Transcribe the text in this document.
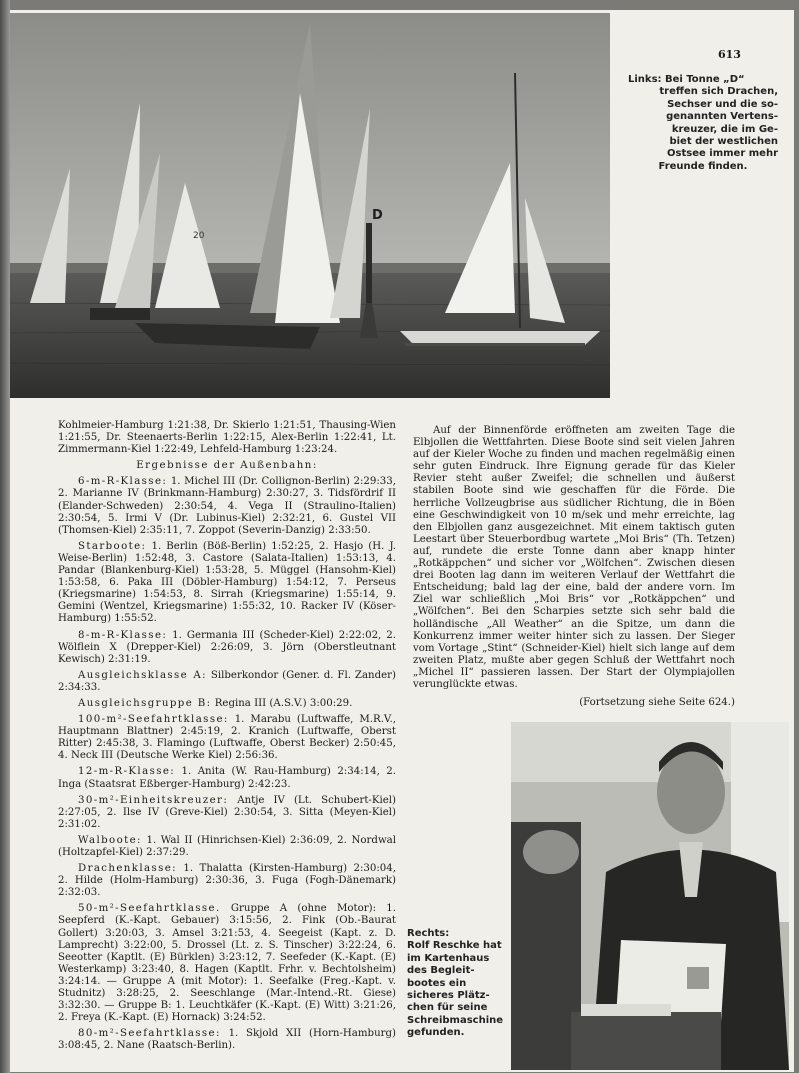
20
D
613
Links: Bei Tonne „D“
treffen sich Drachen,
Sechser und die so-
genannten Vertens-
kreuzer, die im Ge-
biet der westlichen
Ostsee immer mehr
Freunde finden.

Kohlmeier-Hamburg 1:21:38, Dr. Skierlo 1:21:51, Thausing-Wien 1:21:55, Dr. Steenaerts-Berlin 1:22:15, Alex-Berlin 1:22:41, Lt. Zimmermann-Kiel 1:22:49, Lehfeld-Hamburg 1:23:24.

Ergebnisse der Außenbahn:

6-m-R-Klasse: 1. Michel III (Dr. Collignon-Berlin) 2:29:33, 2. Marianne IV (Brinkmann-Hamburg) 2:30:27, 3. Tidsfördrif II (Elander-Schweden) 2:30:54, 4. Vega II (Straulino-Italien) 2:30:54, 5. Irmi V (Dr. Lubinus-Kiel) 2:32:21, 6. Gustel VII (Thomsen-Kiel) 2:35:11, 7. Zoppot (Severin-Danzig) 2:33:50.

Starboote: 1. Berlin (Böß-Berlin) 1:52:25, 2. Hasjo (H. J. Weise-Berlin) 1:52:48, 3. Castore (Salata-Italien) 1:53:13, 4. Pandar (Blankenburg-Kiel) 1:53:28, 5. Müggel (Hansohm-Kiel) 1:53:58, 6. Paka III (Döbler-Hamburg) 1:54:12, 7. Perseus (Kriegsmarine) 1:54:53, 8. Sirrah (Kriegsmarine) 1:55:14, 9. Gemini (Wentzel, Kriegsmarine) 1:55:32, 10. Racker IV (Köser-Hamburg) 1:55:52.

8-m-R-Klasse: 1. Germania III (Scheder-Kiel) 2:22:02, 2. Wölflein X (Drepper-Kiel) 2:26:09, 3. Jörn (Oberstleutnant Kewisch) 2:31:19.

Ausgleichsklasse A: Silberkondor (Gener. d. Fl. Zander) 2:34:33.

Ausgleichsgruppe B: Regina III (A.S.V.) 3:00:29.

100-m²-Seefahrtklasse: 1. Marabu (Luftwaffe, M.R.V., Hauptmann Blattner) 2:45:19, 2. Kranich (Luftwaffe, Oberst Ritter) 2:45:38, 3. Flamingo (Luftwaffe, Oberst Becker) 2:50:45, 4. Neck III (Deutsche Werke Kiel) 2:56:36.

12-m-R-Klasse: 1. Anita (W. Rau-Hamburg) 2:34:14, 2. Inga (Staatsrat Eßberger-Hamburg) 2:42:23.

30-m²-Einheitskreuzer: Antje IV (Lt. Schubert-Kiel) 2:27:05, 2. Ilse IV (Greve-Kiel) 2:30:54, 3. Sitta (Meyen-Kiel) 2:31:02.

Walboote: 1. Wal II (Hinrichsen-Kiel) 2:36:09, 2. Nordwal (Holtzapfel-Kiel) 2:37:29.

Drachenklasse: 1. Thalatta (Kirsten-Hamburg) 2:30:04, 2. Hilde (Holm-Hamburg) 2:30:36, 3. Fuga (Fogh-Dänemark) 2:32:03.

50-m²-Seefahrtklasse. Gruppe A (ohne Motor): 1. Seepferd (K.-Kapt. Gebauer) 3:15:56, 2. Fink (Ob.-Baurat Gollert) 3:20:03, 3. Amsel 3:21:53, 4. Seegeist (Kapt. z. D. Lamprecht) 3:22:00, 5. Drossel (Lt. z. S. Tinscher) 3:22:24, 6. Seeotter (Kaptlt. (E) Bürklen) 3:23:12, 7. Seefeder (K.-Kapt. (E) Westerkamp) 3:23:40, 8. Hagen (Kaptlt. Frhr. v. Bechtolsheim) 3:24:14. — Gruppe A (mit Motor): 1. Seefalke (Freg.-Kapt. v. Studnitz) 3:28:25, 2. Seeschlange (Mar.-Intend.-Rt. Giese) 3:32:30. — Gruppe B: 1. Leuchtkäfer (K.-Kapt. (E) Witt) 3:21:26, 2. Freya (K.-Kapt. (E) Hornack) 3:24:52.

80-m²-Seefahrtklasse: 1. Skjold XII (Horn-Hamburg) 3:08:45, 2. Nane (Raatsch-Berlin).

Auf der Binnenförde eröffneten am zweiten Tage die Elbjollen die Wettfahrten. Diese Boote sind seit vielen Jahren auf der Kieler Woche zu finden und machen regelmäßig einen sehr guten Eindruck. Ihre Eignung gerade für das Kieler Revier steht außer Zweifel; die schnellen und äußerst stabilen Boote sind wie geschaffen für die Förde. Die herrliche Vollzeugbrise aus südlicher Richtung, die in Böen eine Geschwindigkeit von 10 m/sek und mehr erreichte, lag den Elbjollen ganz ausgezeichnet. Mit einem taktisch guten Leestart über Steuerbordbug wartete „Moi Bris“ (Th. Tetzen) auf, rundete die erste Tonne dann aber knapp hinter „Rotkäppchen“ und sicher vor „Wölfchen“. Zwischen diesen drei Booten lag dann im weiteren Verlauf der Wettfahrt die Entscheidung; bald lag der eine, bald der andere vorn. Im Ziel war schließlich „Moi Bris“ vor „Rotkäppchen“ und „Wölfchen“. Bei den Scharpies setzte sich sehr bald die holländische „All Weather“ an die Spitze, um dann die Konkurrenz immer weiter hinter sich zu lassen. Der Sieger vom Vortage „Stint“ (Schneider-Kiel) hielt sich lange auf dem zweiten Platz, mußte aber gegen Schluß der Wettfahrt noch „Michel II“ passieren lassen. Der Start der Olympiajollen verunglückte etwas.

(Fortsetzung siehe Seite 624.)

Rechts:
Rolf Reschke hat
im Kartenhaus
des Begleit-
bootes ein
sicheres Plätz-
chen für seine
Schreibmaschine
gefunden.
